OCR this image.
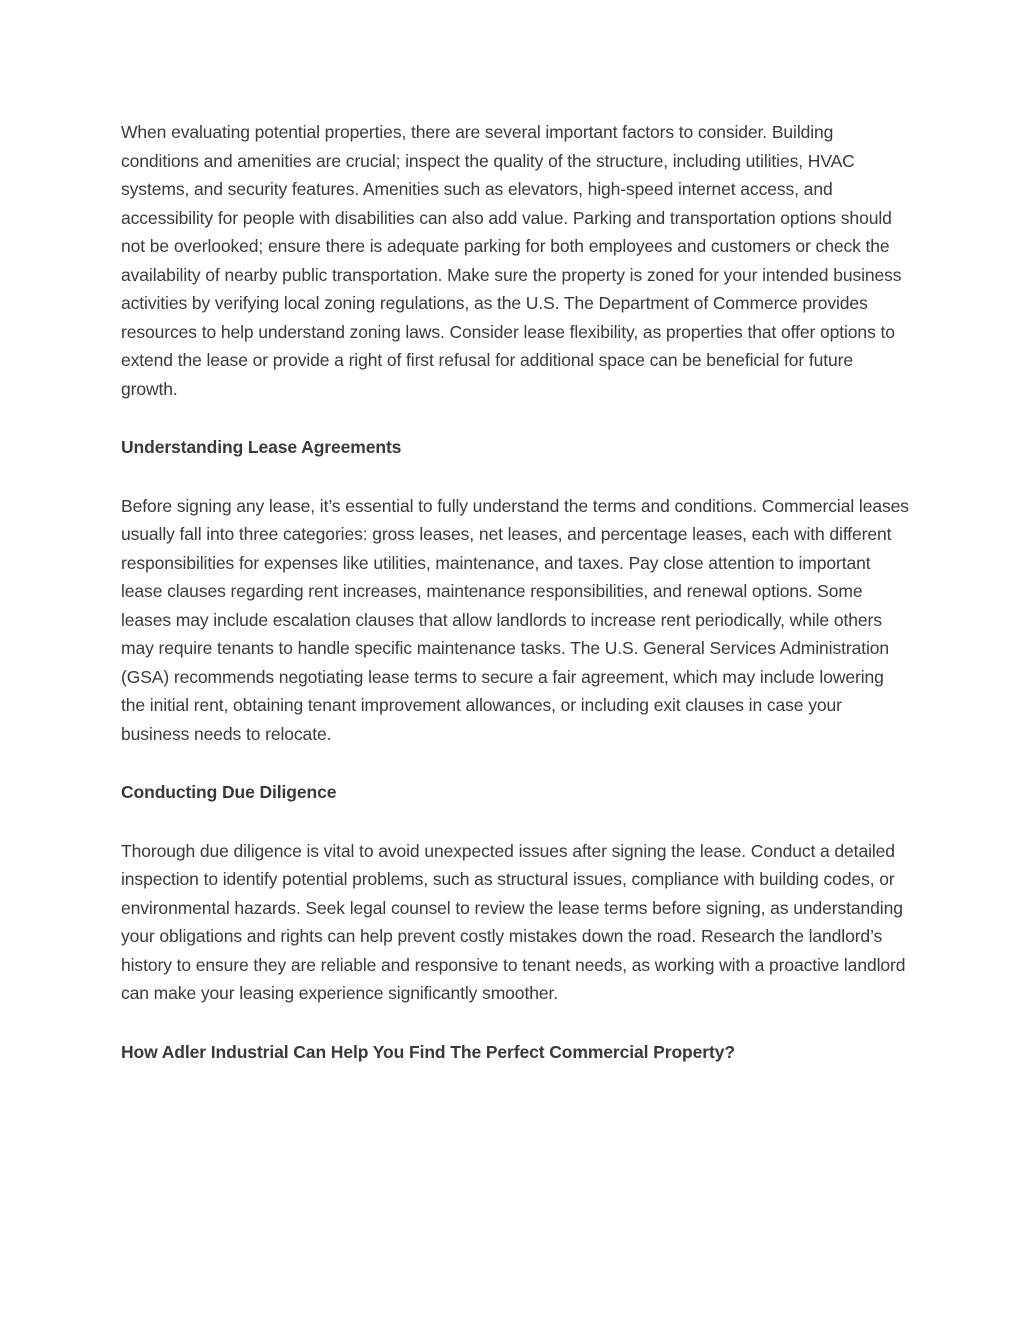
When evaluating potential properties, there are several important factors to consider. Building conditions and amenities are crucial; inspect the quality of the structure, including utilities, HVAC systems, and security features. Amenities such as elevators, high-speed internet access, and accessibility for people with disabilities can also add value. Parking and transportation options should not be overlooked; ensure there is adequate parking for both employees and customers or check the availability of nearby public transportation. Make sure the property is zoned for your intended business activities by verifying local zoning regulations, as the U.S. The Department of Commerce provides resources to help understand zoning laws. Consider lease flexibility, as properties that offer options to extend the lease or provide a right of first refusal for additional space can be beneficial for future growth.

Understanding Lease Agreements

Before signing any lease, it’s essential to fully understand the terms and conditions. Commercial leases usually fall into three categories: gross leases, net leases, and percentage leases, each with different responsibilities for expenses like utilities, maintenance, and taxes. Pay close attention to important lease clauses regarding rent increases, maintenance responsibilities, and renewal options. Some leases may include escalation clauses that allow landlords to increase rent periodically, while others may require tenants to handle specific maintenance tasks. The U.S. General Services Administration (GSA) recommends negotiating lease terms to secure a fair agreement, which may include lowering the initial rent, obtaining tenant improvement allowances, or including exit clauses in case your business needs to relocate.

Conducting Due Diligence

Thorough due diligence is vital to avoid unexpected issues after signing the lease. Conduct a detailed inspection to identify potential problems, such as structural issues, compliance with building codes, or environmental hazards. Seek legal counsel to review the lease terms before signing, as understanding your obligations and rights can help prevent costly mistakes down the road. Research the landlord’s history to ensure they are reliable and responsive to tenant needs, as working with a proactive landlord can make your leasing experience significantly smoother.

How Adler Industrial Can Help You Find The Perfect Commercial Property?
